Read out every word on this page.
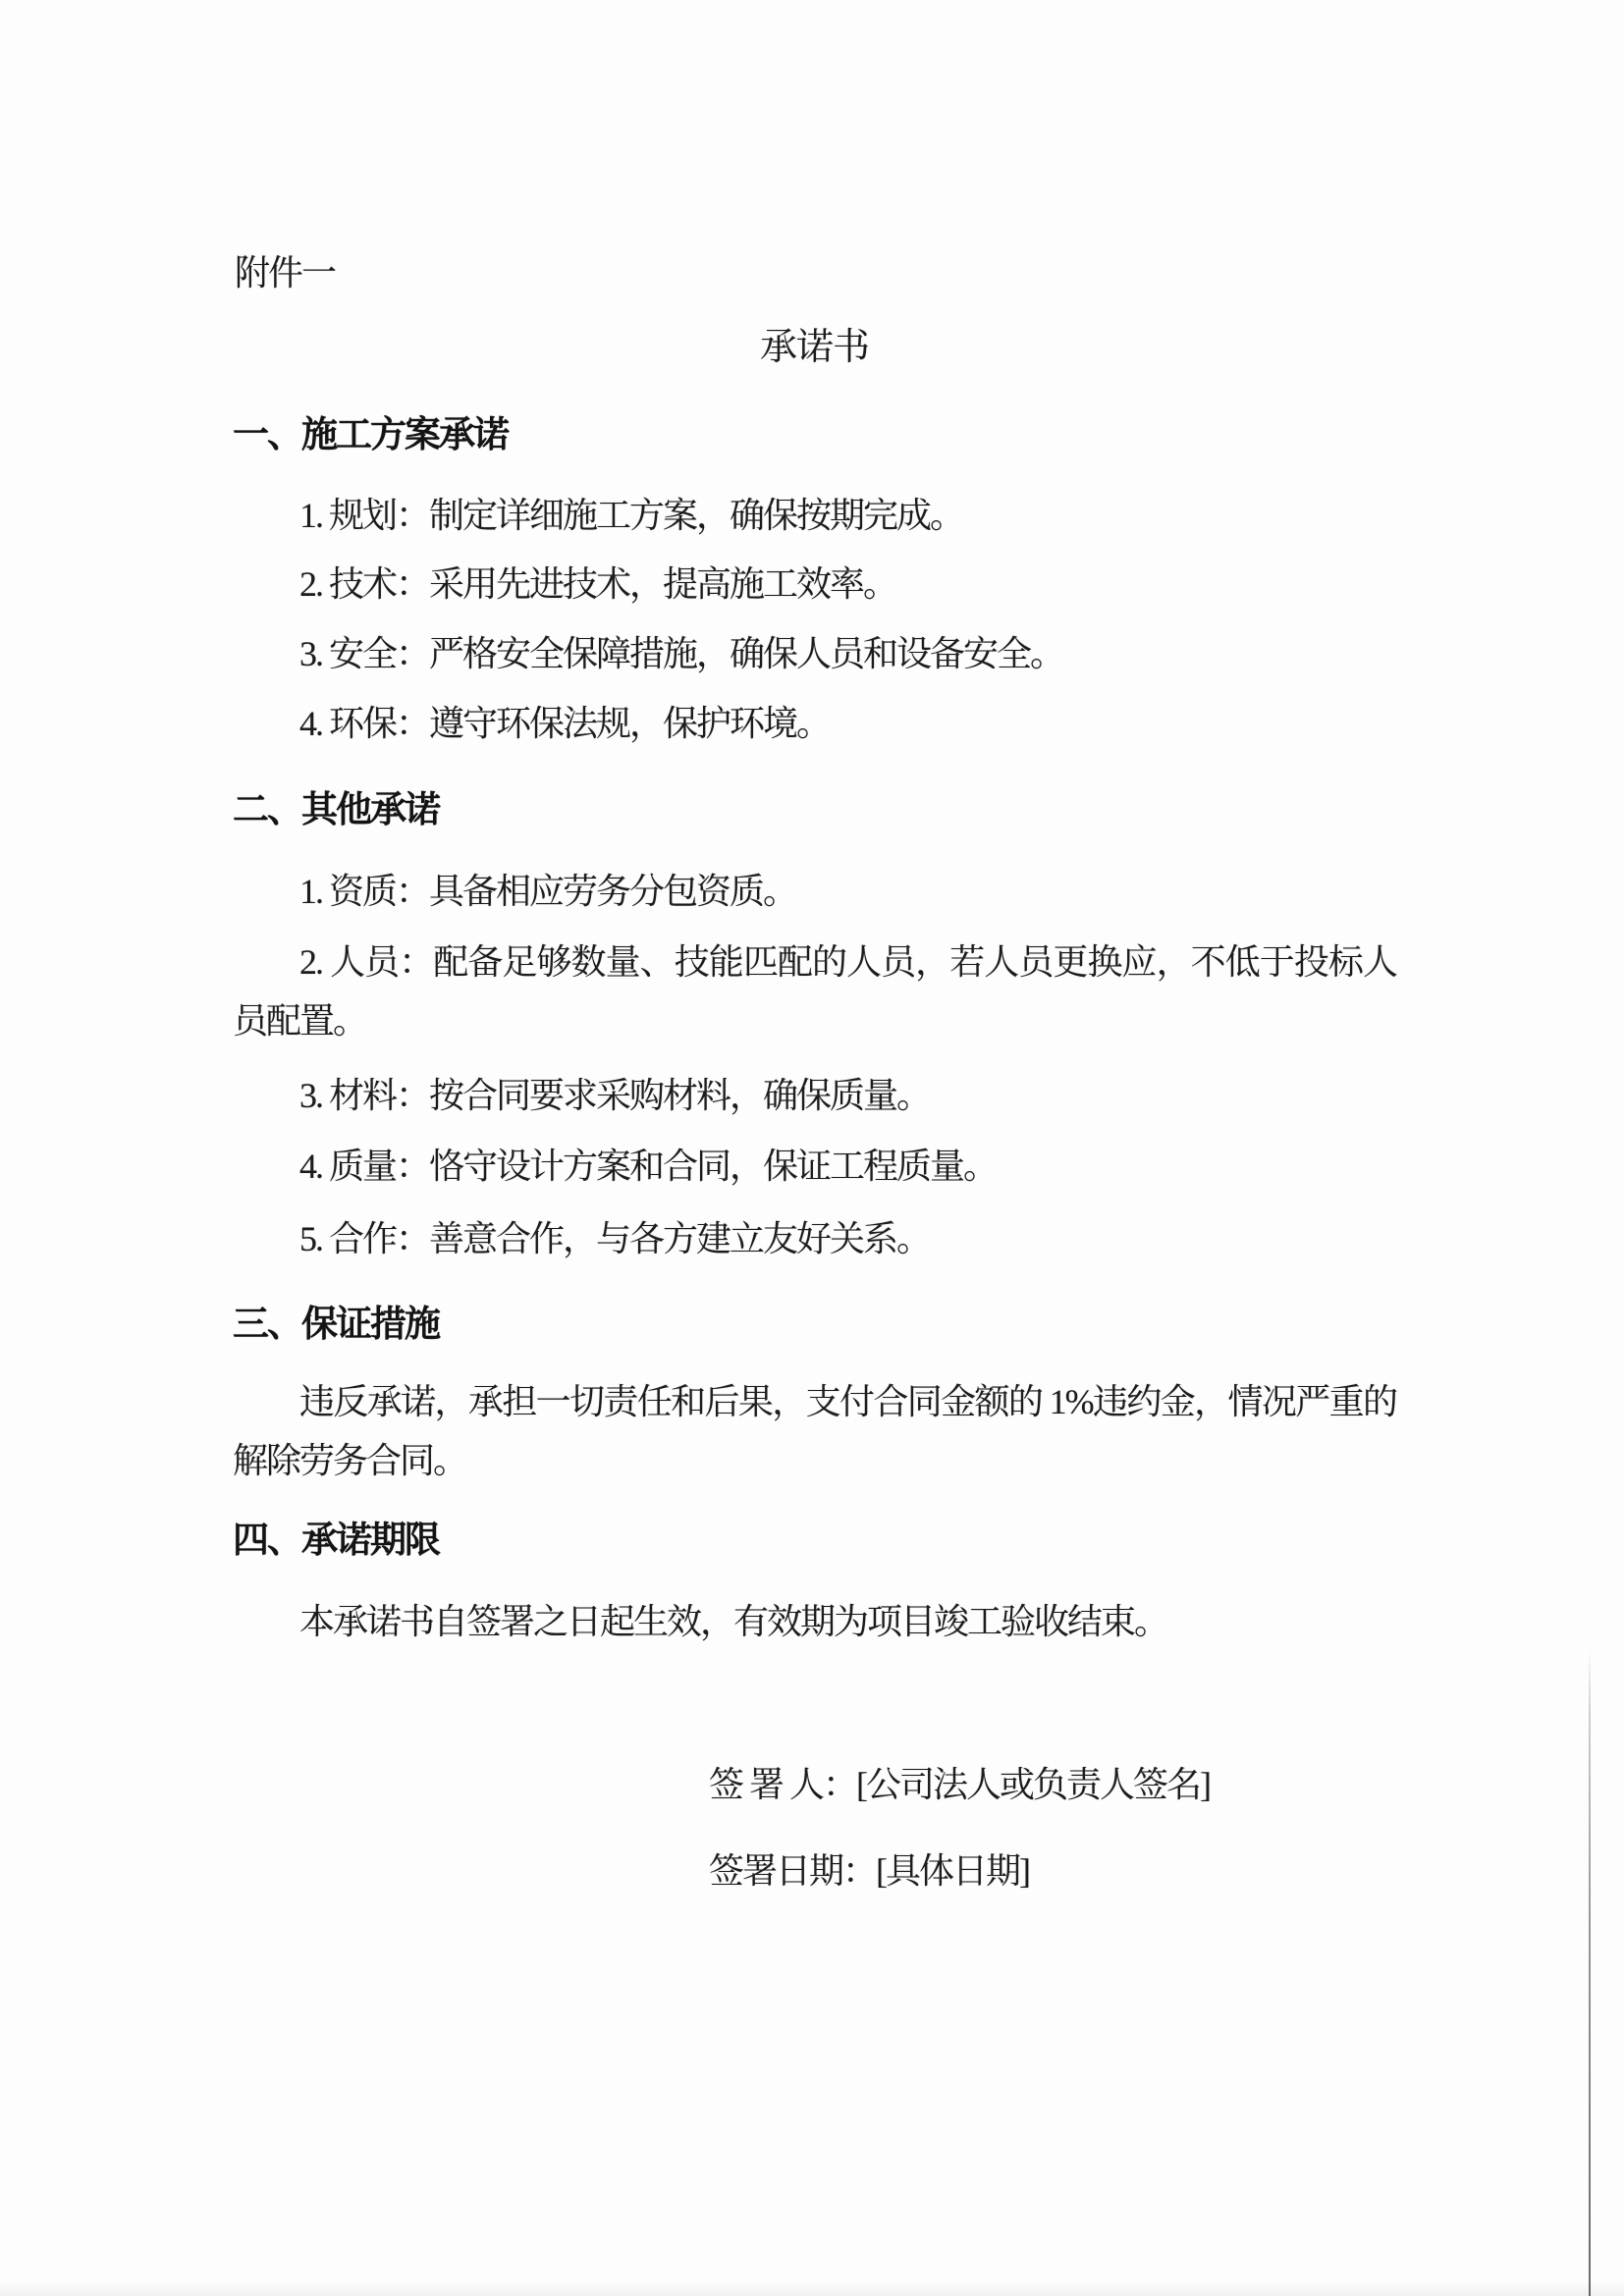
附件一
承诺书
一、施工方案承诺
1. 规划：制定详细施工方案，确保按期完成。
2. 技术：采用先进技术，提高施工效率。
3. 安全：严格安全保障措施，确保人员和设备安全。
4. 环保：遵守环保法规，保护环境。
二、其他承诺
1. 资质：具备相应劳务分包资质。
2. 人员：配备足够数量、技能匹配的人员，若人员更换应，不低于投标人员配置。
3. 材料：按合同要求采购材料，确保质量。
4. 质量：恪守设计方案和合同，保证工程质量。
5. 合作：善意合作，与各方建立友好关系。
三、保证措施
违反承诺，承担一切责任和后果，支付合同金额的 1%违约金，情况严重的解除劳务合同。
四、承诺期限
本承诺书自签署之日起生效，有效期为项目竣工验收结束。
签 署 人：[公司法人或负责人签名]
签署日期：[具体日期]
